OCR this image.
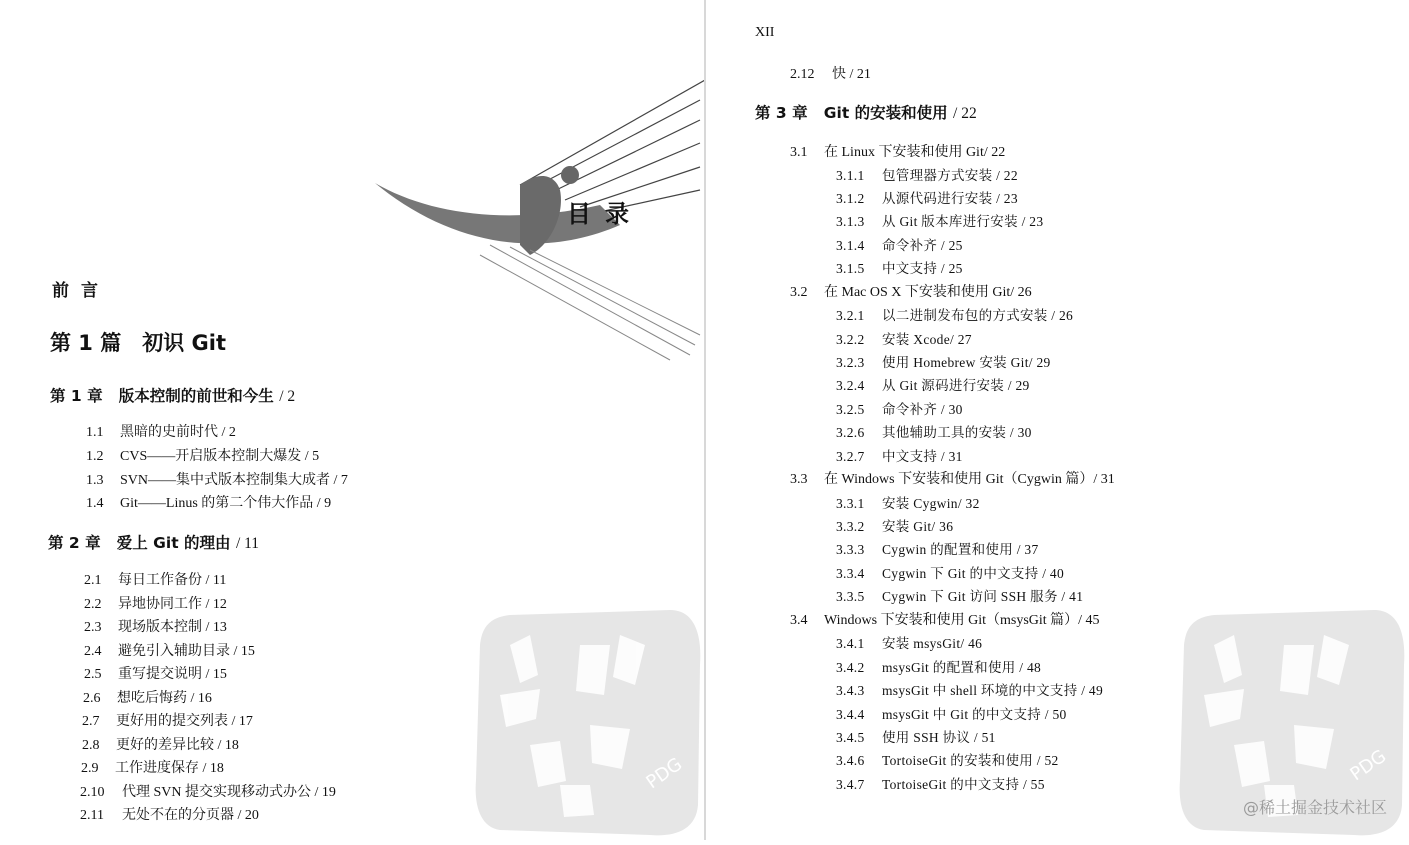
目录
前言
第 1 篇　初识 Git
第 1 章 版本控制的前世和今生 / 2
1.1 黑暗的史前时代 / 2
1.2 CVS——开启版本控制大爆发 / 5
1.3 SVN——集中式版本控制集大成者 / 7
1.4 Git——Linus 的第二个伟大作品 / 9
第 2 章 爱上 Git 的理由 / 11
2.1 每日工作备份 / 11
2.2 异地协同工作 / 12
2.3 现场版本控制 / 13
2.4 避免引入辅助目录 / 15
2.5 重写提交说明 / 15
2.6 想吃后悔药 / 16
2.7 更好用的提交列表 / 17
2.8 更好的差异比较 / 18
2.9 工作进度保存 / 18
2.10 代理 SVN 提交实现移动式办公 / 19
2.11 无处不在的分页器 / 20
PDG
XII
2.12 快 / 21
第 3 章 Git 的安装和使用 / 22
3.1 在 Linux 下安装和使用 Git/ 22
3.1.1 包管理器方式安装 / 22
3.1.2 从源代码进行安装 / 23
3.1.3 从 Git 版本库进行安装 / 23
3.1.4 命令补齐 / 25
3.1.5 中文支持 / 25
3.2 在 Mac OS X 下安装和使用 Git/ 26
3.2.1 以二进制发布包的方式安装 / 26
3.2.2 安装 Xcode/ 27
3.2.3 使用 Homebrew 安装 Git/ 29
3.2.4 从 Git 源码进行安装 / 29
3.2.5 命令补齐 / 30
3.2.6 其他辅助工具的安装 / 30
3.2.7 中文支持 / 31
3.3 在 Windows 下安装和使用 Git（Cygwin 篇）/ 31
3.3.1 安装 Cygwin/ 32
3.3.2 安装 Git/ 36
3.3.3 Cygwin 的配置和使用 / 37
3.3.4 Cygwin 下 Git 的中文支持 / 40
3.3.5 Cygwin 下 Git 访问 SSH 服务 / 41
3.4 Windows 下安装和使用 Git（msysGit 篇）/ 45
3.4.1 安装 msysGit/ 46
3.4.2 msysGit 的配置和使用 / 48
3.4.3 msysGit 中 shell 环境的中文支持 / 49
3.4.4 msysGit 中 Git 的中文支持 / 50
3.4.5 使用 SSH 协议 / 51
3.4.6 TortoiseGit 的安装和使用 / 52
3.4.7 TortoiseGit 的中文支持 / 55	PDG
@稀土掘金技术社区
